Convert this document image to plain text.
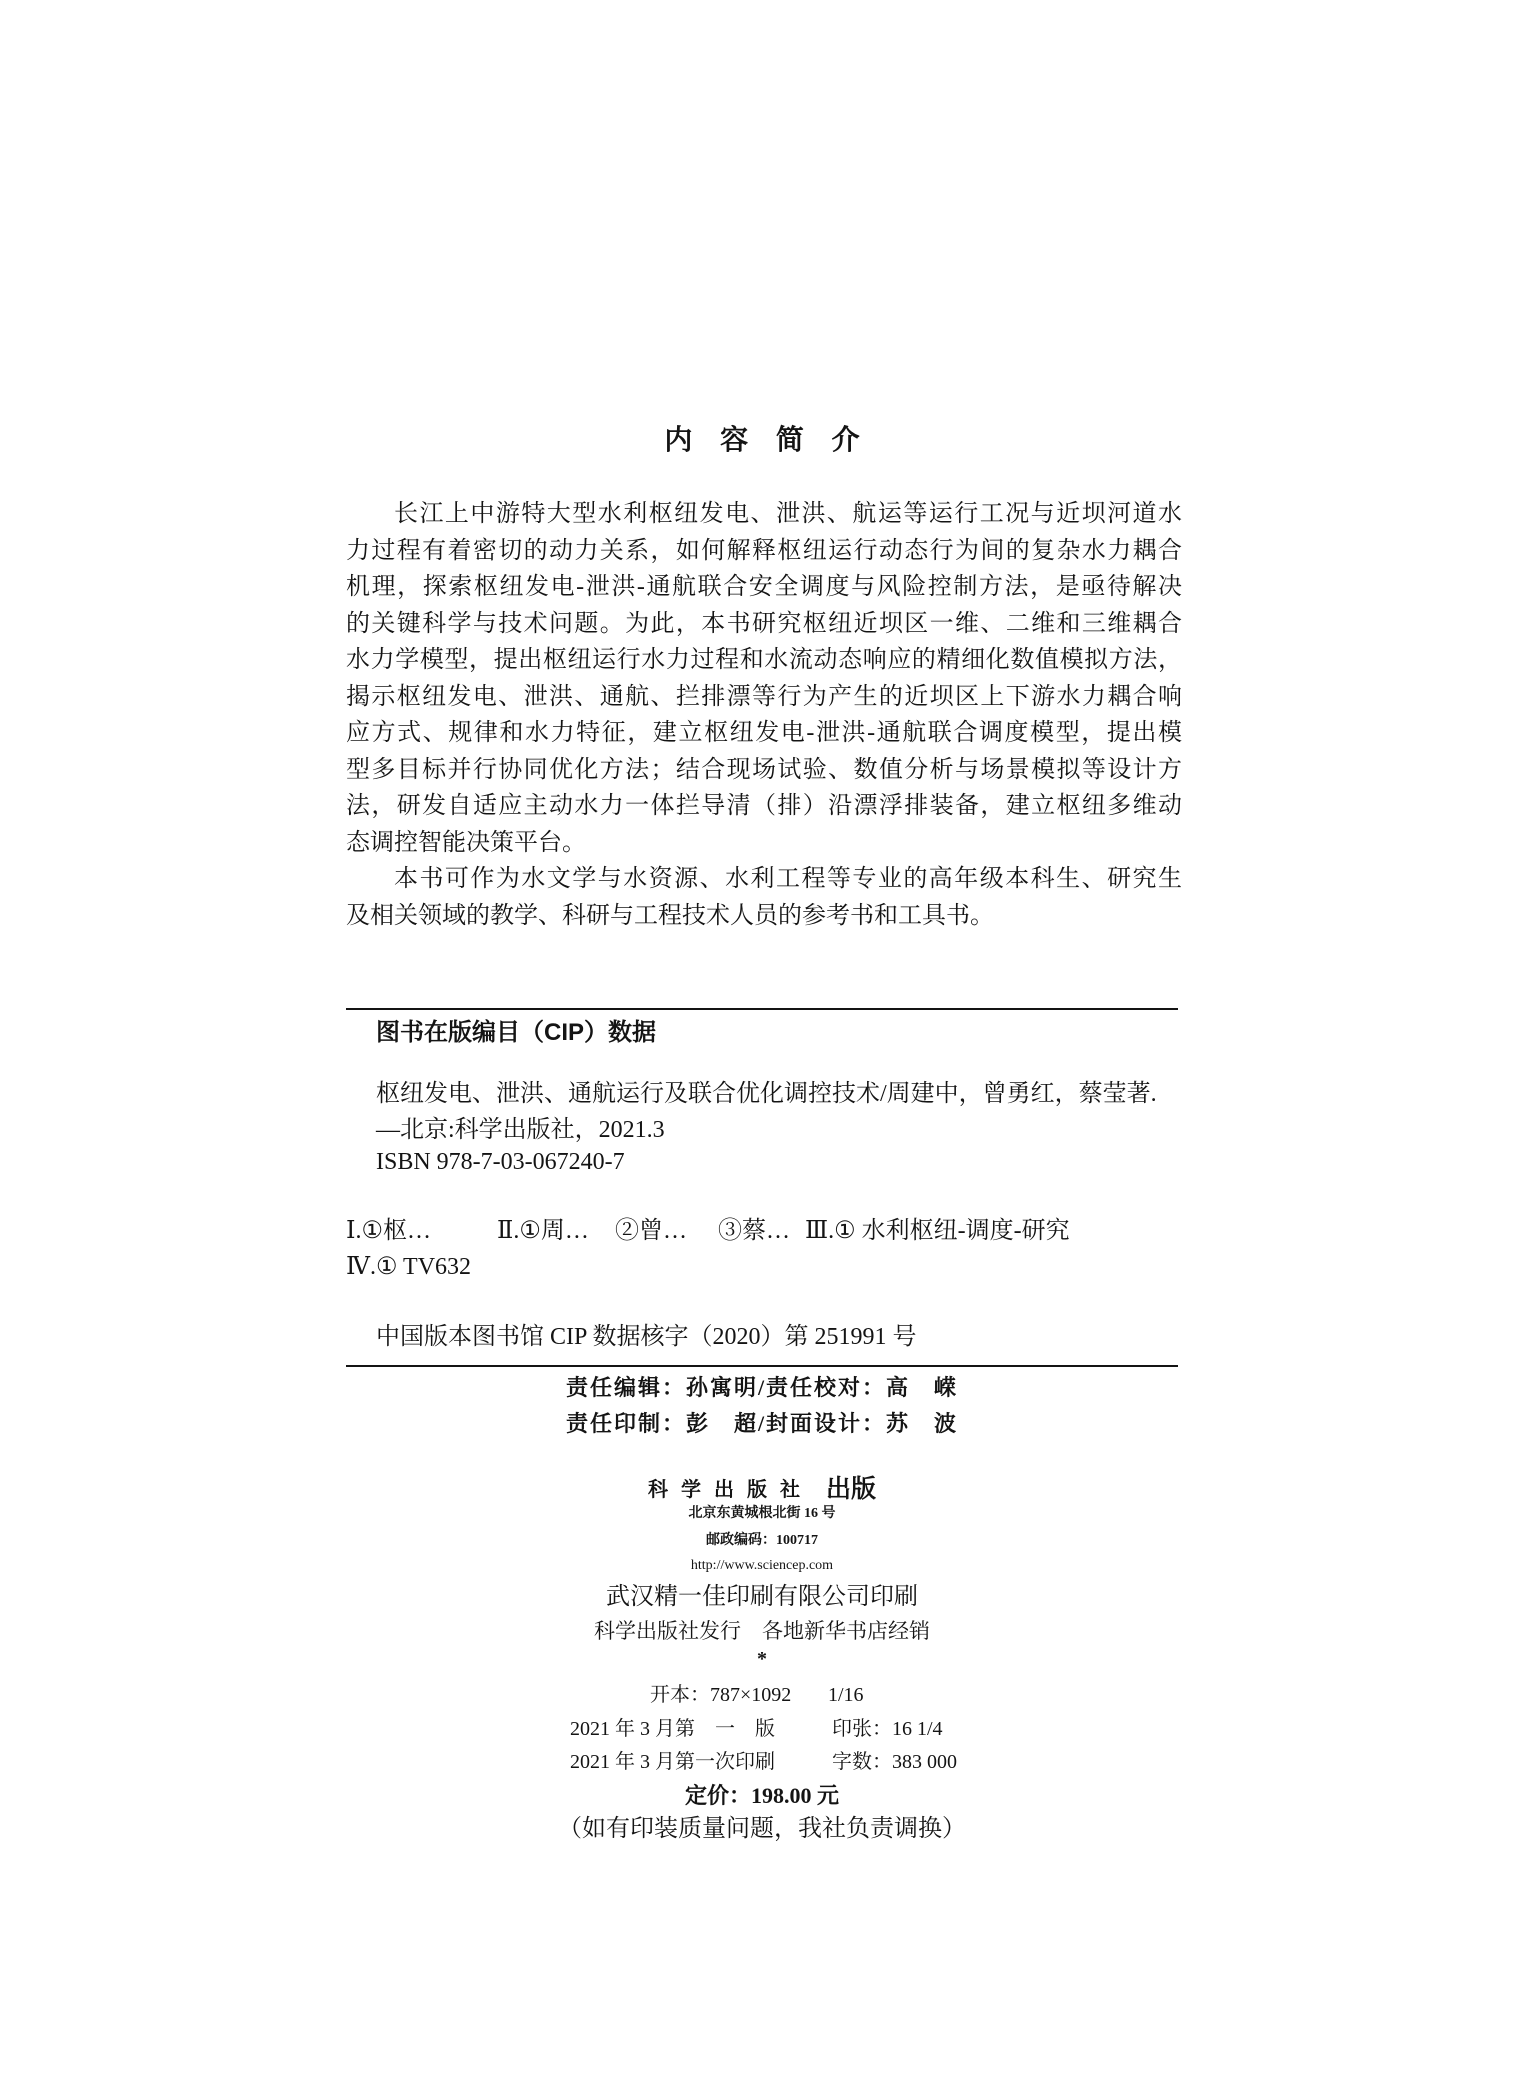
内 容 简 介
长江上中游特大型水利枢纽发电、泄洪、航运等运行工况与近坝河道水
力过程有着密切的动力关系，如何解释枢纽运行动态行为间的复杂水力耦合
机理，探索枢纽发电-泄洪-通航联合安全调度与风险控制方法，是亟待解决
的关键科学与技术问题。为此，本书研究枢纽近坝区一维、二维和三维耦合
水力学模型，提出枢纽运行水力过程和水流动态响应的精细化数值模拟方法，
揭示枢纽发电、泄洪、通航、拦排漂等行为产生的近坝区上下游水力耦合响
应方式、规律和水力特征，建立枢纽发电-泄洪-通航联合调度模型，提出模
型多目标并行协同优化方法；结合现场试验、数值分析与场景模拟等设计方
法，研发自适应主动水力一体拦导清（排）沿漂浮排装备，建立枢纽多维动
态调控智能决策平台。
本书可作为水文学与水资源、水利工程等专业的高年级本科生、研究生
及相关领域的教学、科研与工程技术人员的参考书和工具书。
图书在版编目（CIP）数据
枢纽发电、泄洪、通航运行及联合优化调控技术/周建中，曾勇红，蔡莹著.
—北京:科学出版社，2021.3
ISBN 978-7-03-067240-7

Ⅰ.①枢…

	Ⅱ.①周…

②曾…

③蔡…

Ⅲ.① 水利枢纽-调度-研究

Ⅳ.① TV632
中国版本图书馆 CIP 数据核字（2020）第 251991 号
责任编辑：孙寓明/责任校对：高　嵘
责任印制：彭　超/封面设计：苏　波
科 学 出 版 社 出版
北京东黄城根北街 16 号
邮政编码：100717
http://www.sciencep.com
武汉精一佳印刷有限公司印刷
科学出版社发行　各地新华书店经销
*
开本：787×1092 1/16
2021 年 3 月第　一　版	印张：16 1/4
2021 年 3 月第一次印刷	字数：383 000
定价：198.00 元
（如有印装质量问题，我社负责调换）
